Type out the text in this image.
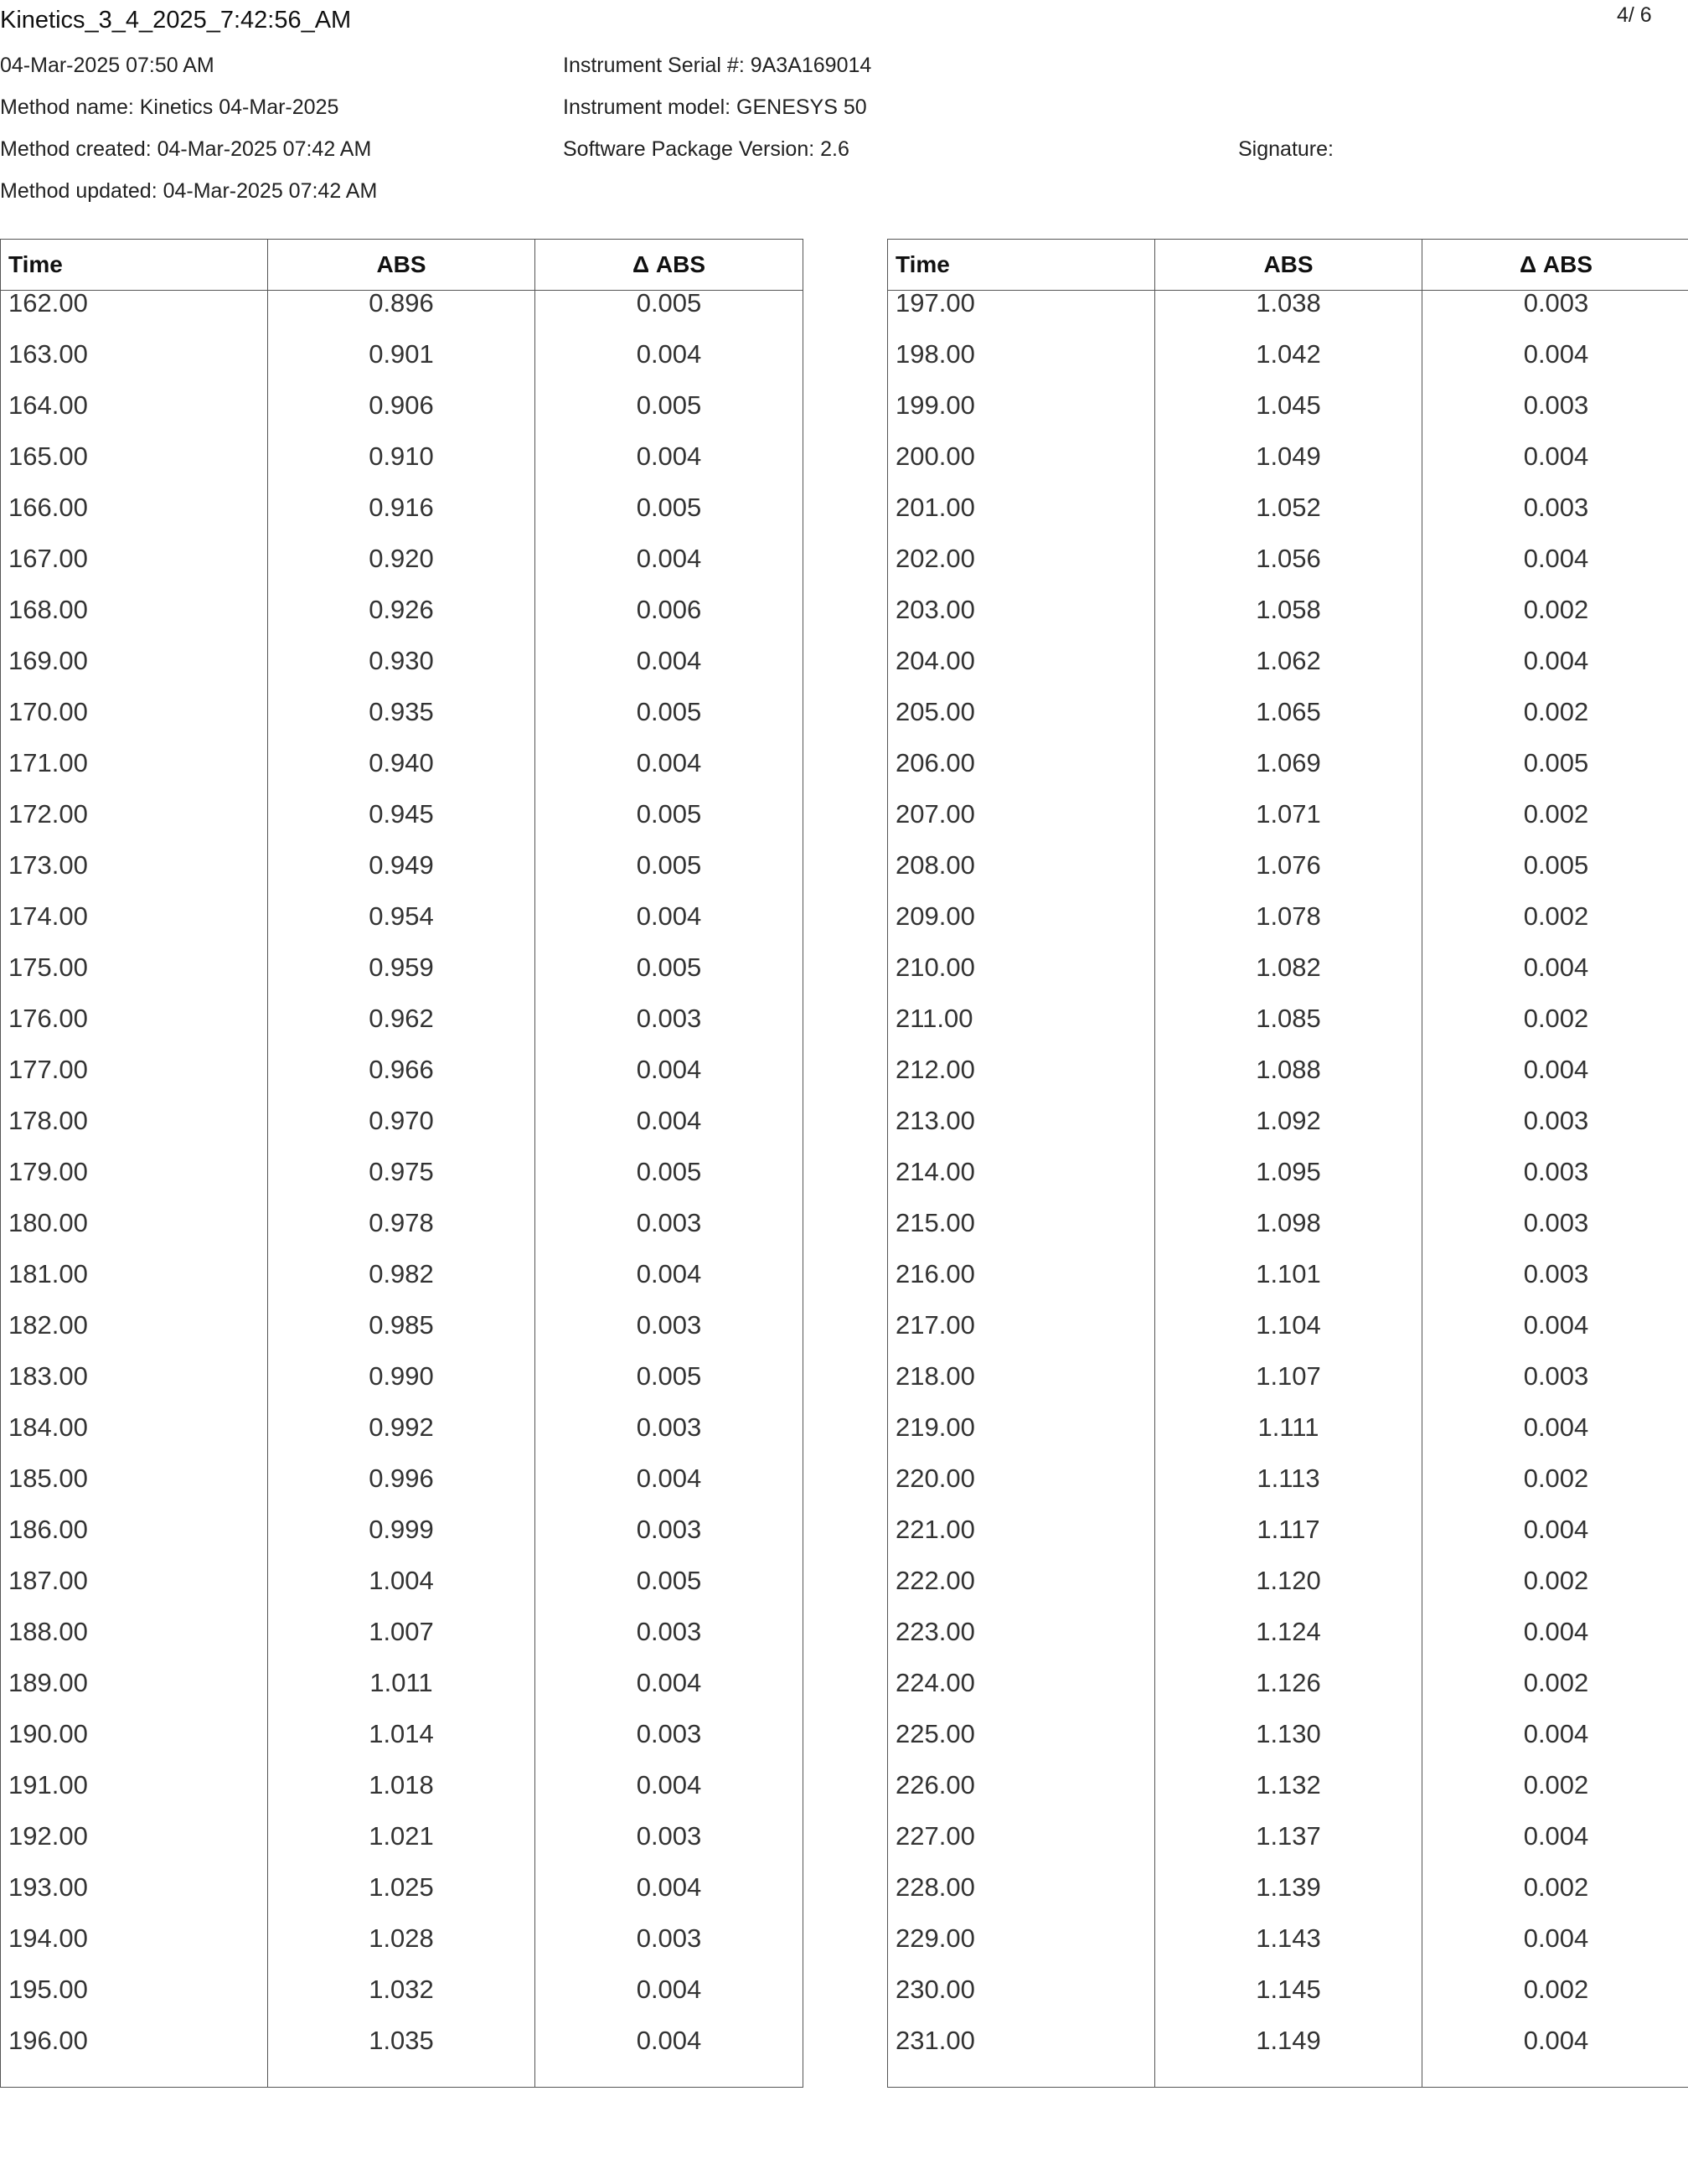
Kinetics_3_4_2025_7:42:56_AM	4/ 6
04-Mar-2025 07:50 AM
Method name: Kinetics 04-Mar-2025
Method created: 04-Mar-2025 07:42 AM
Method updated: 04-Mar-2025 07:42 AM
Instrument Serial #: 9A3A169014
Instrument model: GENESYS 50
Software Package Version: 2.6	Signature:
Time	ABS	Δ ABS
162.00	0.896	0.005
163.00	0.901	0.004
164.00	0.906	0.005
165.00	0.910	0.004
166.00	0.916	0.005
167.00	0.920	0.004
168.00	0.926	0.006
169.00	0.930	0.004
170.00	0.935	0.005
171.00	0.940	0.004
172.00	0.945	0.005
173.00	0.949	0.005
174.00	0.954	0.004
175.00	0.959	0.005
176.00	0.962	0.003
177.00	0.966	0.004
178.00	0.970	0.004
179.00	0.975	0.005
180.00	0.978	0.003
181.00	0.982	0.004
182.00	0.985	0.003
183.00	0.990	0.005
184.00	0.992	0.003
185.00	0.996	0.004
186.00	0.999	0.003
187.00	1.004	0.005
188.00	1.007	0.003
189.00	1.011	0.004
190.00	1.014	0.003
191.00	1.018	0.004
192.00	1.021	0.003
193.00	1.025	0.004
194.00	1.028	0.003
195.00	1.032	0.004
196.00	1.035	0.004
Time	ABS	Δ ABS
197.00	1.038	0.003
198.00	1.042	0.004
199.00	1.045	0.003
200.00	1.049	0.004
201.00	1.052	0.003
202.00	1.056	0.004
203.00	1.058	0.002
204.00	1.062	0.004
205.00	1.065	0.002
206.00	1.069	0.005
207.00	1.071	0.002
208.00	1.076	0.005
209.00	1.078	0.002
210.00	1.082	0.004
211.00	1.085	0.002
212.00	1.088	0.004
213.00	1.092	0.003
214.00	1.095	0.003
215.00	1.098	0.003
216.00	1.101	0.003
217.00	1.104	0.004
218.00	1.107	0.003
219.00	1.111	0.004
220.00	1.113	0.002
221.00	1.117	0.004
222.00	1.120	0.002
223.00	1.124	0.004
224.00	1.126	0.002
225.00	1.130	0.004
226.00	1.132	0.002
227.00	1.137	0.004
228.00	1.139	0.002
229.00	1.143	0.004
230.00	1.145	0.002
231.00	1.149	0.004
